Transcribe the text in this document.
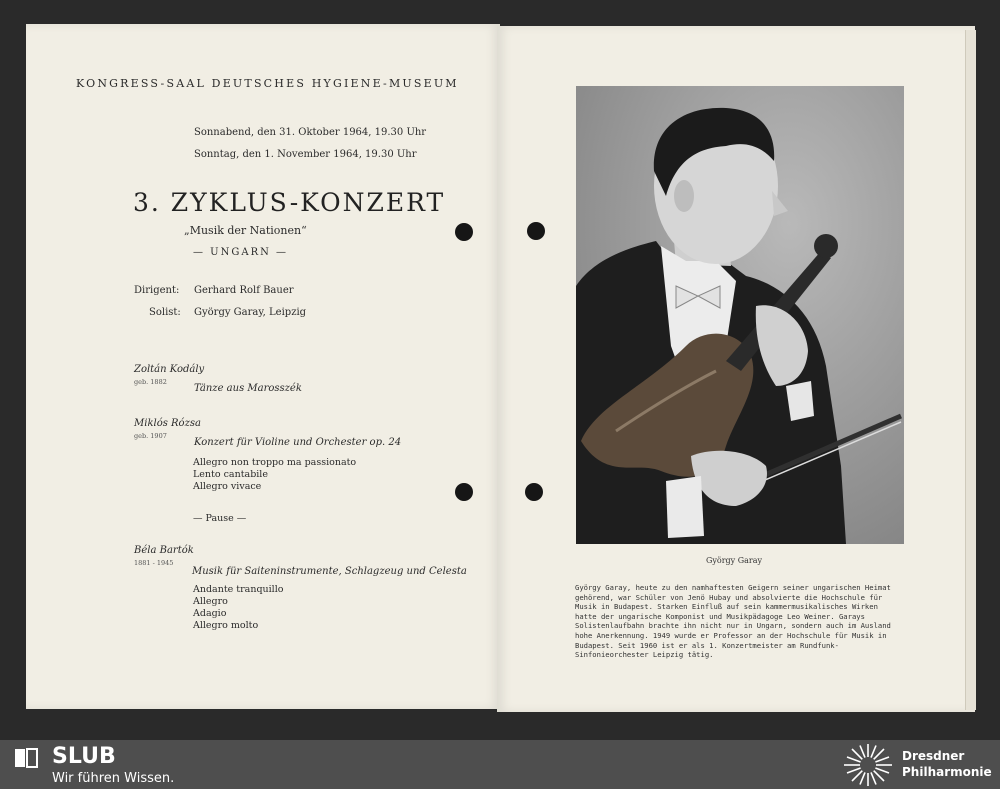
KONGRESS-SAAL DEUTSCHES HYGIENE-MUSEUM
Sonnabend, den 31. Oktober 1964, 19.30 Uhr
Sonntag, den 1. November 1964, 19.30 Uhr
3. ZYKLUS-KONZERT
„Musik der Nationen“
— UNGARN —
Dirigent: Gerhard Rolf Bauer
Solist: György Garay, Leipzig
Zoltán Kodály
geb. 1882
Tänze aus Marosszék
Miklós Rózsa
geb. 1907
Konzert für Violine und Orchester op. 24
Allegro non troppo ma passionato
Lento cantabile
Allegro vivace
— Pause —
Béla Bartók
1881 - 1945
Musik für Saiteninstrumente, Schlagzeug und Celesta
Andante tranquillo
Allegro
Adagio
Allegro molto
György Garay
György Garay, heute zu den namhaftesten Geigern seiner ungarischen Heimat gehörend, war Schüler von Jenö Hubay und absolvierte die Hochschule für Musik in Budapest. Starken Einfluß auf sein kammermusikalisches Wirken hatte der ungarische Komponist und Musikpädagoge Leo Weiner. Garays Solistenlaufbahn brachte ihn nicht nur in Ungarn, sondern auch im Ausland hohe Anerkennung. 1949 wurde er Professor an der Hochschule für Musik in Budapest. Seit 1960 ist er als 1. Konzertmeister am Rundfunk-Sinfonieorchester Leipzig tätig.
SLUB
Wir führen Wissen.
Dresdner
Philharmonie
